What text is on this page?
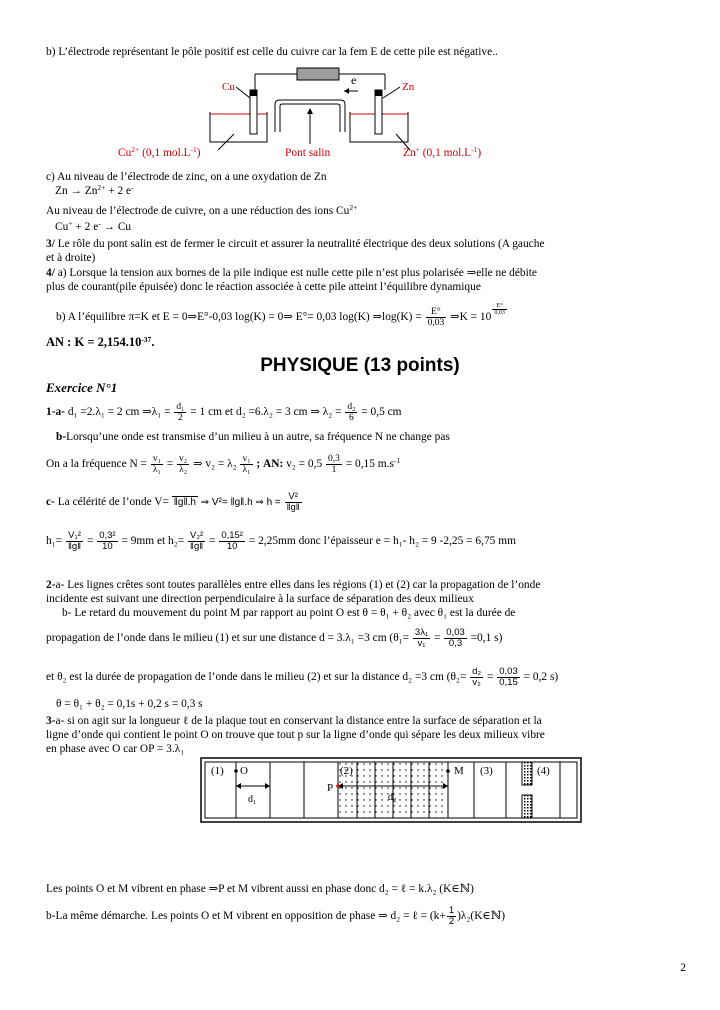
b) L’électrode représentant le pôle positif est celle du cuivre car la fem E de cette pile est négative..
e
Cu	Zn
$Cu^{2+}$ (0,1 $mol.L^{-1}$)	Pont salin	Zn+ (0,1 $mol.L^{-1}$)
c) Au niveau de l’électrode de zinc, on a une oxydation de Zn
$Zn \to Zn^{2+} + 2$ e-
Au niveau de l’électrode de cuivre, on a une réduction des ions $Cu^{2+}$
Cu+ + 2 e- → Cu
3/ Le rôle du pont salin est de fermer le circuit et assurer la neutralité électrique des deux solutions (A gauche
et à droite)
4/ a) Lorsque la tension aux bornes de la pile indique est nulle cette pile n’est plus polarisée ⇒elle ne débite
plus de courant(pile épuisée) donc le réaction associée à cette pile atteint l’équilibre dynamique
b) A l’équilibre π=K et E = 0⇒E°-0,03 log(K) = 0⇒ E°= 0,03 log(K) ⇒log(K) = $\frac{E^\circ}{0,03}$ ⇒K = 10
$\frac{E^\circ}{0,03}$
AN : $K = 2,154.10^{-37}$.
PHYSIQUE (13 points)
Exercice N°1
1-a- d₁ =2.λ₁ = 2 cm ⇒λ₁ = $\frac{\text{d₁}}{2} = 1$ cm et d₂ =6.λ₂ = 3 cm ⇒ $\lambda_2 = \frac{\text{d₂}}{6} = 0,5$ cm
b-Lorsqu’une onde est transmise d’un milieu à un autre, sa fréquence N ne change pas
On a la fréquence $N = \frac{\text{v₁}}{\text{λ₁}} = \frac{\text{v₂}}{\text{λ₂}}$ ⇒ $v_2 = \lambda_2 \frac{\text{v₁}}{\text{λ₁}}$ ; AN: $v_2 = 0,5 \frac{0,3}{1} = 0,15$ $m.s^{-1}$
c- La célérité de l’onde V= ‖g‖.h ⇒ V²= ‖g‖.h ⇒ $h = \frac{\text{V²}}{‖g‖}$
$h_1= \frac{\text{V₁²}}{‖g‖} = \frac{\text{0,3²}}{10} = 9mm$ et $h_2= \frac{\text{V₂²}}{‖g‖} = \frac{\text{0,15²}}{10} = 2,25mm$ donc l’épaisseur e = h₁- h₂ = 9 -2,25 = 6,75 mm
2-a- Les lignes crêtes sont toutes parallèles entre elles dans les régions (1) et (2) car la propagation de l’onde
incidente est suivant une direction perpendiculaire à la surface de séparation des deux milieux
b- Le retard du mouvement du point M par rapport au point O est θ = θ₁ + θ₂ avec θ₁ est la durée de
propagation de l’onde dans le milieu (1) et sur une distance d = 3.λ₁ =3 cm ($\theta_1= \frac{\text{3λ₁}}{\text{v₁}} = \frac{0,03}{0,3} =0,1$ s)
et θ₂ est la durée de propagation de l’onde dans le milieu (2) et sur la distance d₂ =3 cm ($\theta_2= \frac{\text{d₂}}{\text{v₂}} = \frac{0,03}{0,15} = 0,2$ s)
θ = θ₁ + θ₂ = 0,1s + 0,2 s = 0,3 s
3-a- si on agit sur la longueur ℓ de la plaque tout en conservant la distance entre la surface de séparation et la
ligne d’onde qui contient le point O on trouve que tout p sur la ligne d’onde qui sépare les deux milieux vibre
en phase avec O car OP = 3.λ₁
(1) O
d₁
(2)
P
d₂
M (3)	(4)
Les points O et M vibrent en phase ⇒P et M vibrent aussi en phase donc d₂ = ℓ = k.λ₂ (K∈ℕ)
b-La même démarche. Les points O et M vibrent en opposition de phase ⇒ d₂ = ℓ = ($k+ \frac{1}{2}$ )λ₂(K∈ℕ)
2
